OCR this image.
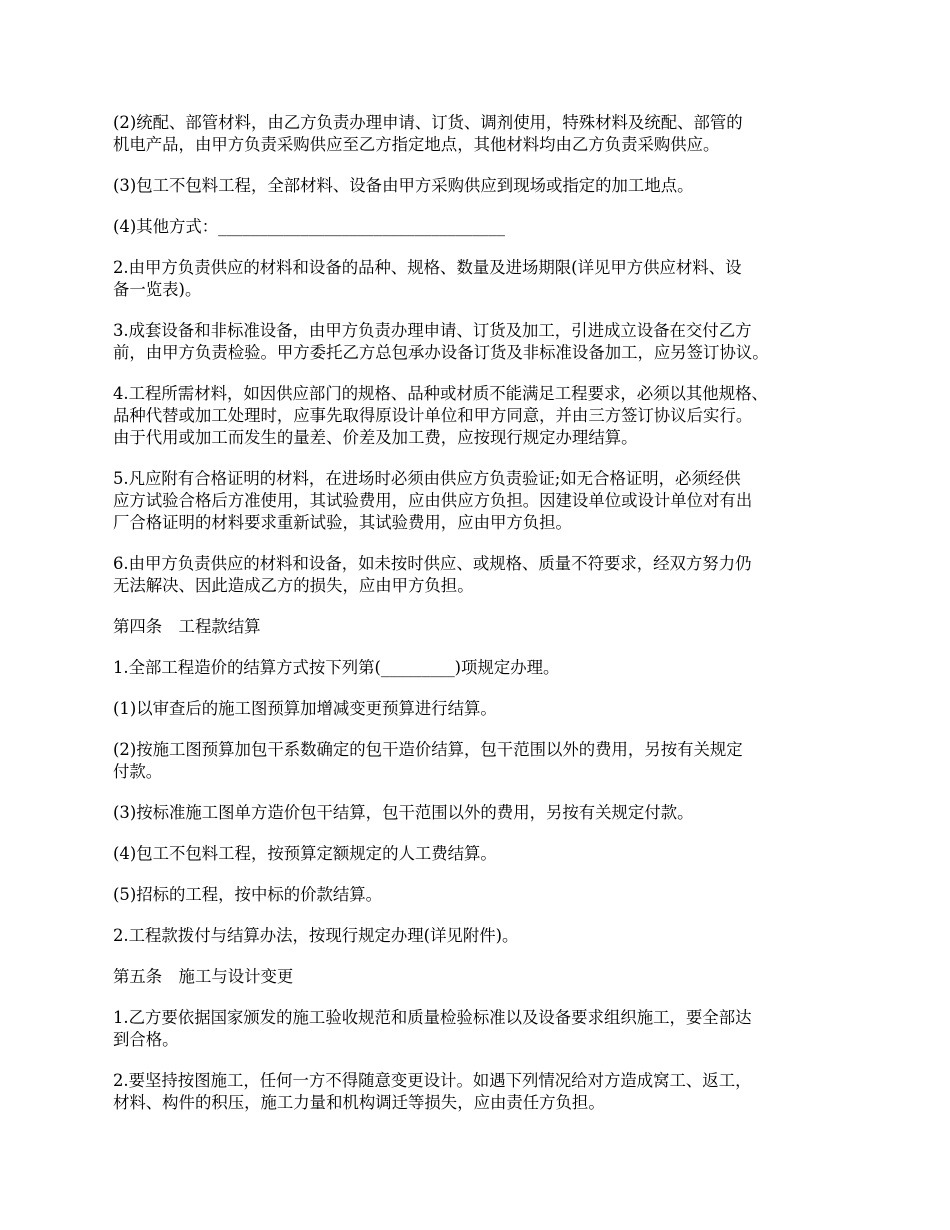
(2)统配、部管材料，由乙方负责办理申请、订货、调剂使用，特殊材料及统配、部管的
机电产品，由甲方负责采购供应至乙方指定地点，其他材料均由乙方负责采购供应。

(3)包工不包料工程，全部材料、设备由甲方采购供应到现场或指定的加工地点。

(4)其他方式：___________________________________

2.由甲方负责供应的材料和设备的品种、规格、数量及进场期限(详见甲方供应材料、设
备一览表)。

3.成套设备和非标准设备，由甲方负责办理申请、订货及加工，引进成立设备在交付乙方
前，由甲方负责检验。甲方委托乙方总包承办设备订货及非标准设备加工，应另签订协议。

4.工程所需材料，如因供应部门的规格、品种或材质不能满足工程要求，必须以其他规格、
品种代替或加工处理时，应事先取得原设计单位和甲方同意，并由三方签订协议后实行。
由于代用或加工而发生的量差、价差及加工费，应按现行规定办理结算。

5.凡应附有合格证明的材料，在进场时必须由供应方负责验证;如无合格证明，必须经供
应方试验合格后方准使用，其试验费用，应由供应方负担。因建设单位或设计单位对有出
厂合格证明的材料要求重新试验，其试验费用，应由甲方负担。

6.由甲方负责供应的材料和设备，如未按时供应、或规格、质量不符要求，经双方努力仍
无法解决、因此造成乙方的损失，应由甲方负担。

第四条　工程款结算

1.全部工程造价的结算方式按下列第(_________)项规定办理。

(1)以审查后的施工图预算加增减变更预算进行结算。

(2)按施工图预算加包干系数确定的包干造价结算，包干范围以外的费用，另按有关规定
付款。

(3)按标准施工图单方造价包干结算，包干范围以外的费用，另按有关规定付款。

(4)包工不包料工程，按预算定额规定的人工费结算。

(5)招标的工程，按中标的价款结算。

2.工程款拨付与结算办法，按现行规定办理(详见附件)。

第五条　施工与设计变更

1.乙方要依据国家颁发的施工验收规范和质量检验标准以及设备要求组织施工，要全部达
到合格。

2.要坚持按图施工，任何一方不得随意变更设计。如遇下列情况给对方造成窝工、返工，
材料、构件的积压，施工力量和机构调迁等损失，应由责任方负担。
